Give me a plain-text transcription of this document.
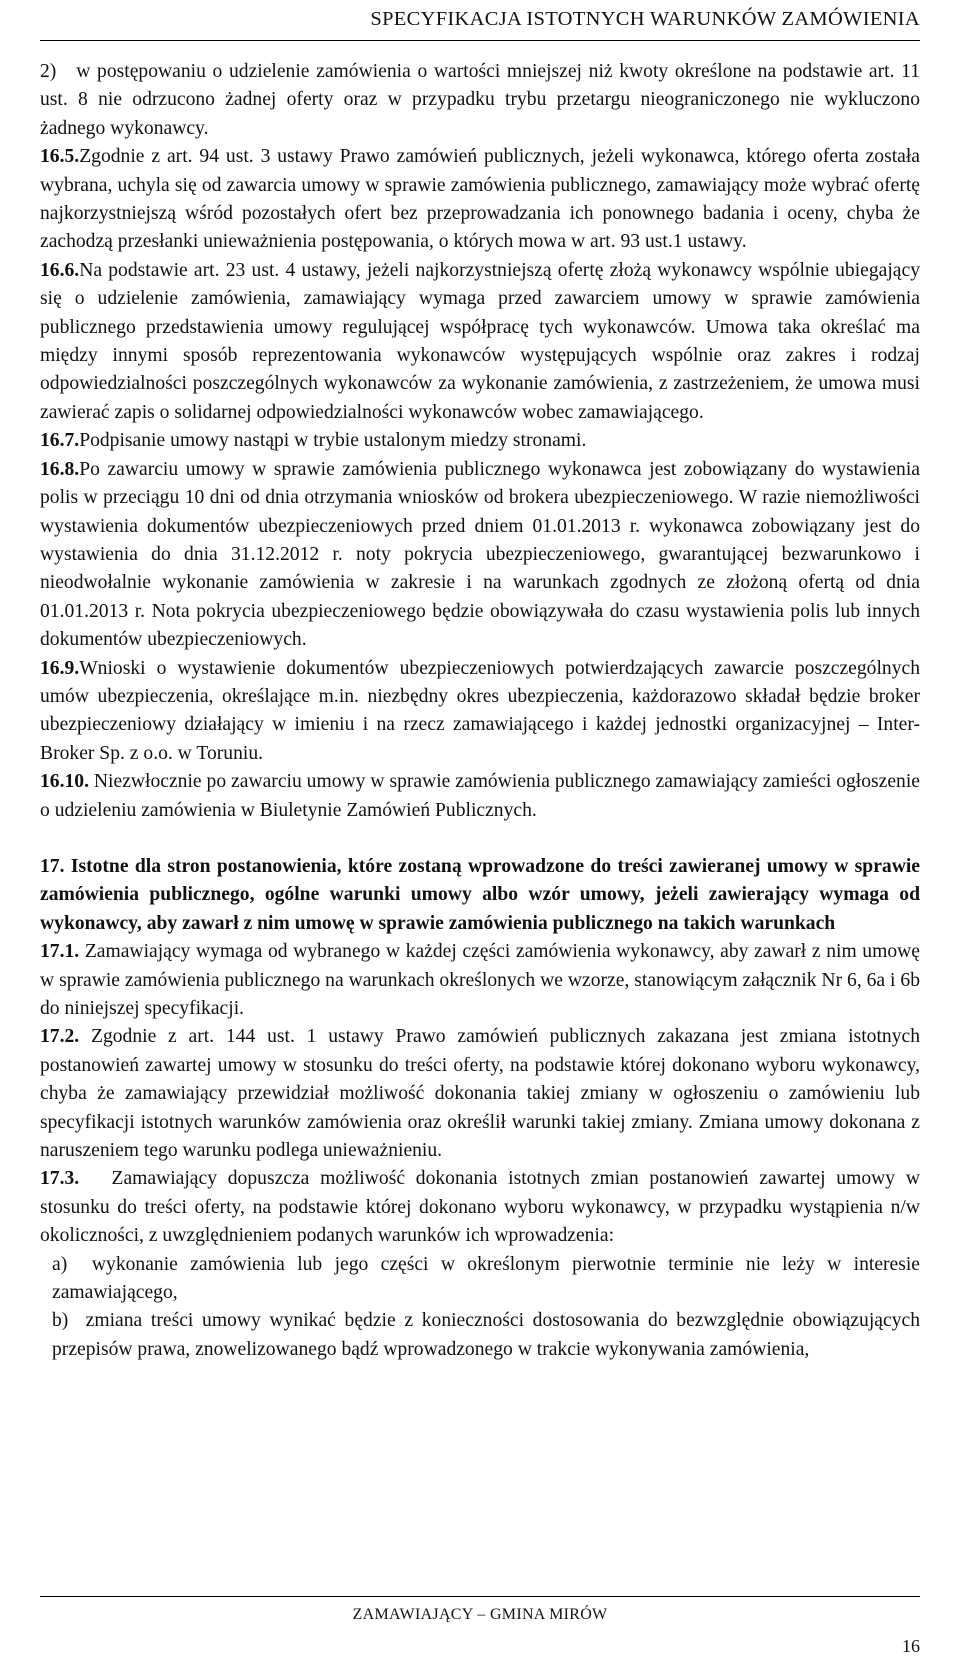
SPECYFIKACJA ISTOTNYCH WARUNKÓW ZAMÓWIENIA

2)   w postępowaniu o udzielenie zamówienia o wartości mniejszej niż kwoty określone na podstawie art. 11 ust. 8 nie odrzucono żadnej oferty oraz w przypadku trybu przetargu nieograniczonego nie wykluczono żadnego wykonawcy.

16.5.Zgodnie z art. 94 ust. 3 ustawy Prawo zamówień publicznych, jeżeli wykonawca, którego oferta została wybrana, uchyla się od zawarcia umowy w sprawie zamówienia publicznego, zamawiający może wybrać ofertę najkorzystniejszą wśród pozostałych ofert bez przeprowadzania ich ponownego badania i oceny, chyba że zachodzą przesłanki unieważnienia postępowania, o których mowa w art. 93 ust.1 ustawy.

16.6.Na podstawie art. 23 ust. 4 ustawy, jeżeli najkorzystniejszą ofertę złożą wykonawcy wspólnie ubiegający się o udzielenie zamówienia, zamawiający wymaga przed zawarciem umowy w sprawie zamówienia publicznego przedstawienia umowy regulującej współpracę tych wykonawców. Umowa taka określać ma między innymi sposób reprezentowania wykonawców występujących wspólnie oraz zakres i rodzaj odpowiedzialności poszczególnych wykonawców za wykonanie zamówienia, z zastrzeżeniem, że umowa musi zawierać zapis o solidarnej odpowiedzialności wykonawców wobec zamawiającego.

16.7.Podpisanie umowy nastąpi w trybie ustalonym miedzy stronami.

16.8.Po zawarciu umowy w sprawie zamówienia publicznego wykonawca jest zobowiązany do wystawienia polis w przeciągu 10 dni od dnia otrzymania wniosków od brokera ubezpieczeniowego. W razie niemożliwości wystawienia dokumentów ubezpieczeniowych przed dniem 01.01.2013 r. wykonawca zobowiązany jest do wystawienia do dnia 31.12.2012 r. noty pokrycia ubezpieczeniowego, gwarantującej bezwarunkowo i nieodwołalnie wykonanie zamówienia w zakresie i na warunkach zgodnych ze złożoną ofertą od dnia 01.01.2013 r. Nota pokrycia ubezpieczeniowego będzie obowiązywała do czasu wystawienia polis lub innych dokumentów ubezpieczeniowych.

16.9.Wnioski o wystawienie dokumentów ubezpieczeniowych potwierdzających zawarcie poszczególnych umów ubezpieczenia, określające m.in. niezbędny okres ubezpieczenia, każdorazowo składał będzie broker ubezpieczeniowy działający w imieniu i na rzecz zamawiającego i każdej jednostki organizacyjnej – Inter-Broker Sp. z o.o. w Toruniu.

16.10. Niezwłocznie po zawarciu umowy w sprawie zamówienia publicznego zamawiający zamieści ogłoszenie o udzieleniu zamówienia w Biuletynie Zamówień Publicznych.

17. Istotne dla stron postanowienia, które zostaną wprowadzone do treści zawieranej umowy w sprawie zamówienia publicznego, ogólne warunki umowy albo wzór umowy, jeżeli zawierający wymaga od wykonawcy, aby zawarł z nim umowę w sprawie zamówienia publicznego na takich warunkach

17.1. Zamawiający wymaga od wybranego w każdej części zamówienia wykonawcy, aby zawarł z nim umowę w sprawie zamówienia publicznego na warunkach określonych we wzorze, stanowiącym załącznik Nr 6, 6a i 6b do niniejszej specyfikacji.

17.2. Zgodnie z art. 144 ust. 1 ustawy Prawo zamówień publicznych zakazana jest zmiana istotnych postanowień zawartej umowy w stosunku do treści oferty, na podstawie której dokonano wyboru wykonawcy, chyba że zamawiający przewidział możliwość dokonania takiej zmiany w ogłoszeniu o zamówieniu lub specyfikacji istotnych warunków zamówienia oraz określił warunki takiej zmiany. Zmiana umowy dokonana z naruszeniem tego warunku podlega unieważnieniu.

17.3.   Zamawiający dopuszcza możliwość dokonania istotnych zmian postanowień zawartej umowy w stosunku do treści oferty, na podstawie której dokonano wyboru wykonawcy, w przypadku wystąpienia n/w okoliczności, z uwzględnieniem podanych warunków ich wprowadzenia:

a)  wykonanie zamówienia lub jego części w określonym pierwotnie terminie nie leży w interesie zamawiającego,

b)  zmiana treści umowy wynikać będzie z konieczności dostosowania do bezwzględnie obowiązujących przepisów prawa, znowelizowanego bądź wprowadzonego w trakcie wykonywania zamówienia,

ZAMAWIAJĄCY – GMINA MIRÓW
16
